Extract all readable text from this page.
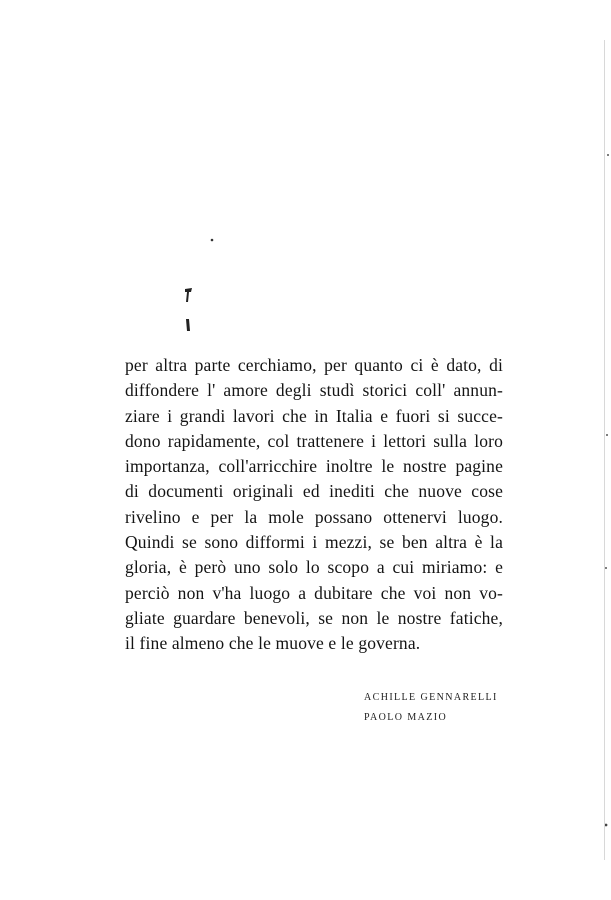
per altra parte cerchiamo, per quanto ci è dato, di
diffondere l' amore degli studì storici coll' annun-
ziare i grandi lavori che in Italia e fuori si succe-
dono rapidamente, col trattenere i lettori sulla loro
importanza, coll'arricchire inoltre le nostre pagine
di documenti originali ed inediti che nuove cose
rivelino e per la mole possano ottenervi luogo.
Quindi se sono difformi i mezzi, se ben altra è la
gloria, è però uno solo lo scopo a cui miriamo: e
perciò non v'ha luogo a dubitare che voi non vo-
gliate guardare benevoli, se non le nostre fatiche,
il fine almeno che le muove e le governa.
ACHILLE GENNARELLI
PAOLO MAZIO
